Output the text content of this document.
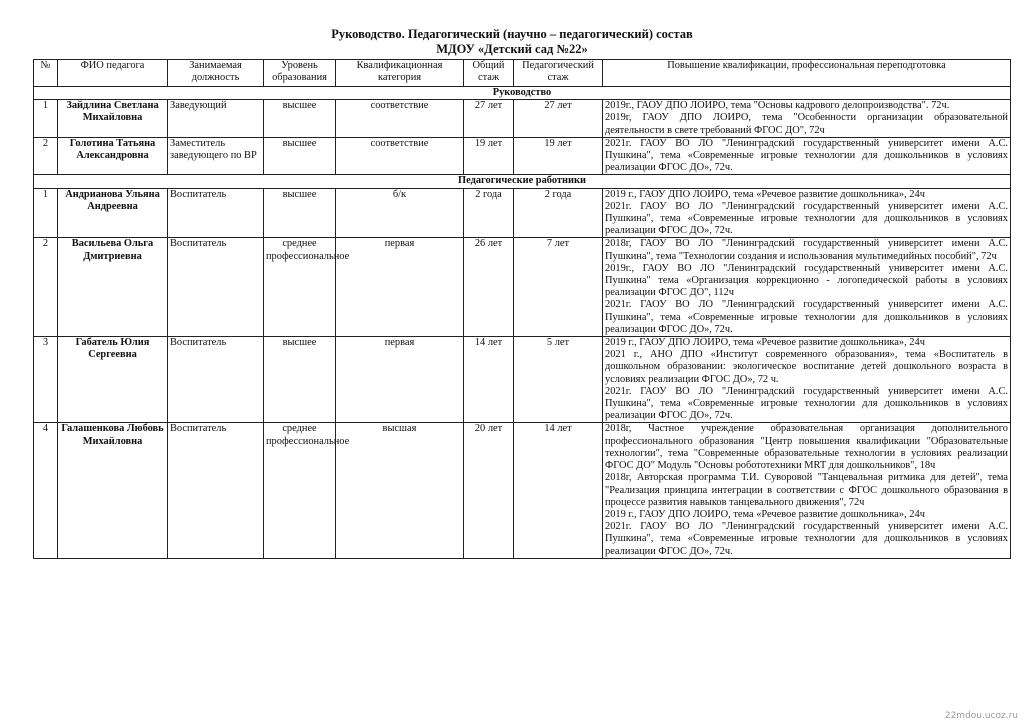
Руководство. Педагогический (научно – педагогический) состав
МДОУ «Детский сад №22»
№	ФИО педагога	Занимаемая должность	Уровень образования	Квалификационная категория	Общий стаж	Педагогический стаж	Повышение квалификации, профессиональная переподготовка
Руководство							
1	Зайдлина Светлана Михайловна	Заведующий	высшее	соответствие	27 лет	27 лет	2019г., ГАОУ ДПО ЛОИРО, тема "Основы кадрового делопроизводства". 72ч.
2019г, ГАОУ ДПО ЛОИРО, тема "Особенности организации образовательной деятельности в свете требований ФГОС ДО", 72ч

2	Голотина Татьяна Александровна	Заместитель заведующего по ВР	высшее	соответствие	19 лет	19 лет	2021г. ГАОУ ВО ЛО "Ленинградский государственный университет имени А.С. Пушкина", тема «Современные игровые технологии для дошкольников в условиях реализации ФГОС ДО», 72ч.

Педагогические работники							
1	Андрианова Ульяна Андреевна	Воспитатель	высшее	б/к	2 года	2 года	2019 г., ГАОУ ДПО ЛОИРО, тема «Речевое развитие дошкольника», 24ч
2021г. ГАОУ ВО ЛО "Ленинградский государственный университет имени А.С. Пушкина", тема «Современные игровые технологии для дошкольников в условиях реализации ФГОС ДО», 72ч.

2	Васильева Ольга Дмитриевна	Воспитатель	среднее профессиональное	первая	26 лет	7 лет	2018г, ГАОУ ВО ЛО "Ленинградский государственный университет имени А.С. Пушкина", тема "Технологии создания и использования мультимедийных пособий", 72ч
2019г., ГАОУ ВО ЛО "Ленинградский государственный университет имени А.С. Пушкина" тема «Организация коррекционно - логопедической работы в условиях реализации ФГОС ДО", 112ч
2021г. ГАОУ ВО ЛО "Ленинградский государственный университет имени А.С. Пушкина", тема «Современные игровые технологии для дошкольников в условиях реализации ФГОС ДО», 72ч.

3	Габатель Юлия Сергеевна	Воспитатель	высшее	первая	14 лет	5 лет	2019 г., ГАОУ ДПО ЛОИРО, тема «Речевое развитие дошкольника», 24ч
2021 г., АНО ДПО «Институт современного образования», тема «Воспитатель в дошкольном образовании: экологическое воспитание детей дошкольного возраста в условиях реализации ФГОС ДО», 72 ч.
2021г. ГАОУ ВО ЛО "Ленинградский государственный университет имени А.С. Пушкина", тема «Современные игровые технологии для дошкольников в условиях реализации ФГОС ДО», 72ч.

4	Галашенкова Любовь Михайловна	Воспитатель	среднее профессиональное	высшая	20 лет	14 лет	2018г, Частное учреждение образовательная организация дополнительного профессионального образования "Центр повышения квалификации "Образовательные технологии", тема "Современные образовательные технологии в условиях реализации ФГОС ДО" Модуль "Основы робототехники MRT для дошкольников", 18ч
2018г, Авторская программа Т.И. Суворовой "Танцевальная ритмика для детей", тема "Реализация принципа интеграции в соответствии с ФГОС дошкольного образования в процессе развития навыков танцевального движения", 72ч
2019 г., ГАОУ ДПО ЛОИРО, тема «Речевое развитие дошкольника», 24ч
2021г. ГАОУ ВО ЛО "Ленинградский государственный университет имени А.С. Пушкина", тема «Современные игровые технологии для дошкольников в условиях реализации ФГОС ДО», 72ч.
22mdou.ucoz.ru
